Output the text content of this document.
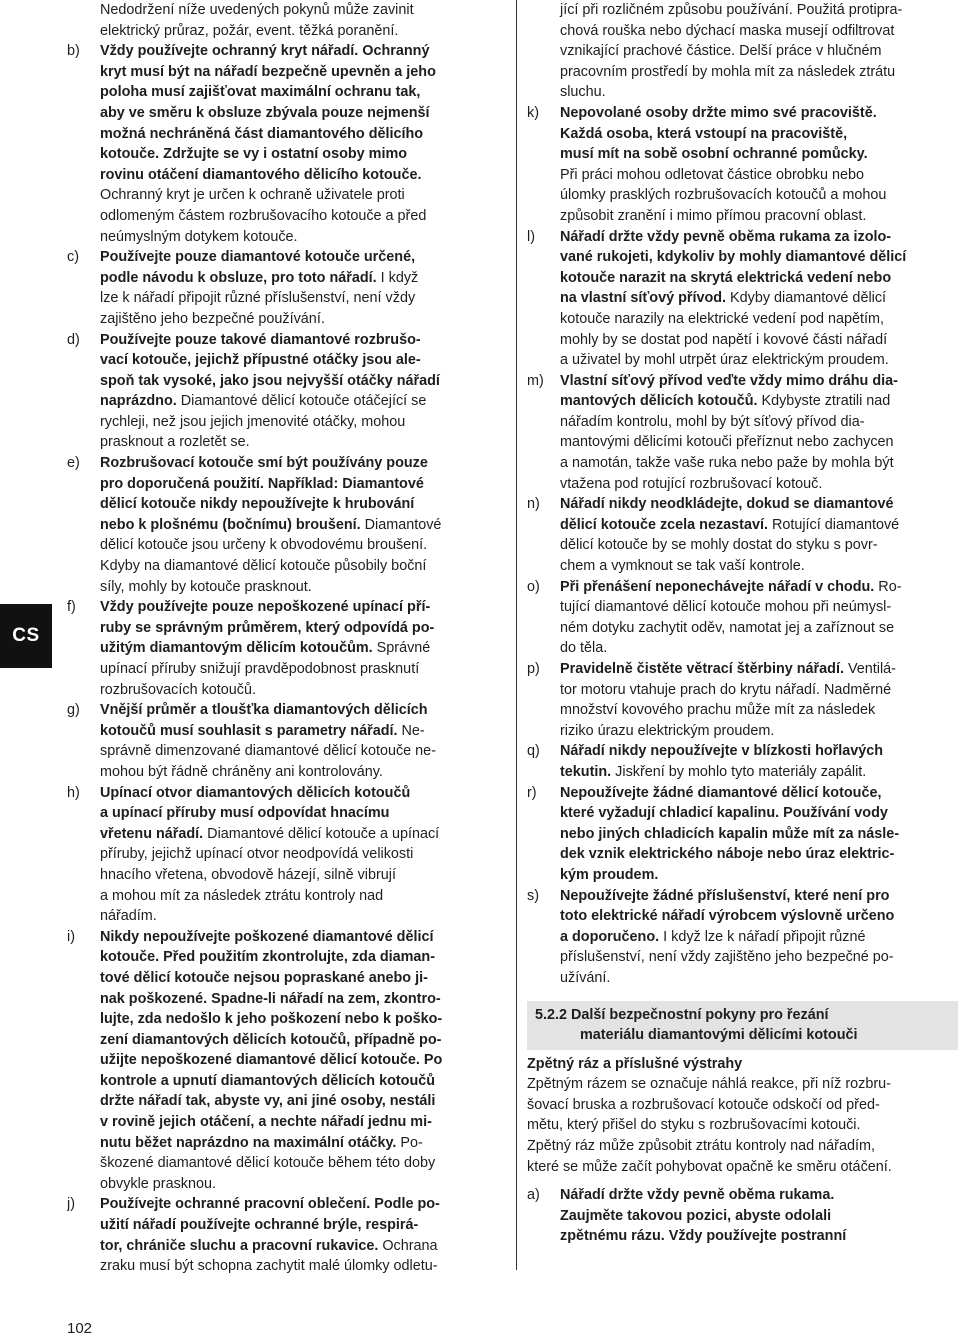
CS
Nedodržení níže uvedených pokynů může zavinit
elektrický průraz, požár, event. těžká poranění.
b) Vždy používejte ochranný kryt nářadí. Ochranný
kryt musí být na nářadí bezpečně upevněn a jeho
poloha musí zajišťovat maximální ochranu tak,
aby ve směru k obsluze zbývala pouze nejmenší
možná nechráněná část diamantového dělicího
kotouče. Zdržujte se vy i ostatní osoby mimo
rovinu otáčení diamantového dělicího kotouče.
Ochranný kryt je určen k ochraně uživatele proti
odlomeným částem rozbrušovacího kotouče a před
neúmyslným dotykem kotouče.
c) Používejte pouze diamantové kotouče určené,
podle návodu k obsluze, pro toto nářadí. I když
lze k nářadí připojit různé příslušenství, není vždy
zajištěno jeho bezpečné používání.
d) Používejte pouze takové diamantové rozbrušo-
vací kotouče, jejichž přípustné otáčky jsou ale-
spoň tak vysoké, jako jsou nejvyšší otáčky nářadí
naprázdno. Diamantové dělicí kotouče otáčející se
rychleji, než jsou jejich jmenovité otáčky, mohou
prasknout a rozletět se.
e) Rozbrušovací kotouče smí být používány pouze
pro doporučená použití. Například: Diamantové
dělicí kotouče nikdy nepoužívejte k hrubování
nebo k plošnému (bočnímu) broušení. Diamantové
dělicí kotouče jsou určeny k obvodovému broušení.
Kdyby na diamantové dělicí kotouče působily boční
síly, mohly by kotouče prasknout.
f) Vždy používejte pouze nepoškozené upínací pří-
ruby se správným průměrem, který odpovídá po-
užitým diamantovým dělicím kotoučům. Správné
upínací příruby snižují pravděpodobnost prasknutí
rozbrušovacích kotoučů.
g) Vnější průměr a tloušťka diamantových dělicích
kotoučů musí souhlasit s parametry nářadí. Ne-
správně dimenzované diamantové dělicí kotouče ne-
mohou být řádně chráněny ani kontrolovány.
h) Upínací otvor diamantových dělicích kotoučů
a upínací příruby musí odpovídat hnacímu
vřetenu nářadí. Diamantové dělicí kotouče a upínací
příruby, jejichž upínací otvor neodpovídá velikosti
hnacího vřetena, obvodově házejí, silně vibrují
a mohou mít za následek ztrátu kontroly nad
nářadím.
i) Nikdy nepoužívejte poškozené diamantové dělicí
kotouče. Před použitím zkontrolujte, zda diaman-
tové dělicí kotouče nejsou popraskané anebo ji-
nak poškozené. Spadne-li nářadí na zem, zkontro-
lujte, zda nedošlo k jeho poškození nebo k poško-
zení diamantových dělicích kotoučů, případně po-
užijte nepoškozené diamantové dělicí kotouče. Po
kontrole a upnutí diamantových dělicích kotoučů
držte nářadí tak, abyste vy, ani jiné osoby, nestáli
v rovině jejich otáčení, a nechte nářadí jednu mi-
nutu běžet naprázdno na maximální otáčky. Po-
škozené diamantové dělicí kotouče během této doby
obvykle prasknou.
j) Používejte ochranné pracovní oblečení. Podle po-
užití nářadí používejte ochranné brýle, respirá-
tor, chrániče sluchu a pracovní rukavice. Ochrana
zraku musí být schopna zachytit malé úlomky odletu-
jící při rozličném způsobu používání. Použitá protipra-
chová rouška nebo dýchací maska musejí odfiltrovat
vznikající prachové částice. Delší práce v hlučném
pracovním prostředí by mohla mít za následek ztrátu
sluchu.
k) Nepovolané osoby držte mimo své pracoviště.
Každá osoba, která vstoupí na pracoviště,
musí mít na sobě osobní ochranné pomůcky.
Při práci mohou odletovat částice obrobku nebo
úlomky prasklých rozbrušovacích kotoučů a mohou
způsobit zranění i mimo přímou pracovní oblast.
l) Nářadí držte vždy pevně oběma rukama za izolo-
vané rukojeti, kdykoliv by mohly diamantové dělicí
kotouče narazit na skrytá elektrická vedení nebo
na vlastní síťový přívod. Kdyby diamantové dělicí
kotouče narazily na elektrické vedení pod napětím,
mohly by se dostat pod napětí i kovové části nářadí
a uživatel by mohl utrpět úraz elektrickým proudem.
m) Vlastní síťový přívod veďte vždy mimo dráhu dia-
mantových dělicích kotoučů. Kdybyste ztratili nad
nářadím kontrolu, mohl by být síťový přívod dia-
mantovými dělicími kotouči přeříznut nebo zachycen
a namotán, takže vaše ruka nebo paže by mohla být
vtažena pod rotující rozbrušovací kotouč.
n) Nářadí nikdy neodkládejte, dokud se diamantové
dělicí kotouče zcela nezastaví. Rotující diamantové
dělicí kotouče by se mohly dostat do styku s povr-
chem a vymknout se tak vaší kontrole.
o) Při přenášení neponechávejte nářadí v chodu. Ro-
tující diamantové dělicí kotouče mohou při neúmysl-
ném dotyku zachytit oděv, namotat jej a zaříznout se
do těla.
p) Pravidelně čistěte větrací štěrbiny nářadí. Ventilá-
tor motoru vtahuje prach do krytu nářadí. Nadměrné
množství kovového prachu může mít za následek
riziko úrazu elektrickým proudem.
q) Nářadí nikdy nepoužívejte v blízkosti hořlavých
tekutin. Jiskření by mohlo tyto materiály zapálit.
r) Nepoužívejte žádné diamantové dělicí kotouče,
které vyžadují chladicí kapalinu. Používání vody
nebo jiných chladicích kapalin může mít za násle-
dek vznik elektrického náboje nebo úraz elektric-
kým proudem.
s) Nepoužívejte žádné příslušenství, které není pro
toto elektrické nářadí výrobcem výslovně určeno
a doporučeno. I když lze k nářadí připojit různé
příslušenství, není vždy zajištěno jeho bezpečné po-
užívání.
5.2.2 Další bezpečnostní pokyny pro řezání
materiálu diamantovými dělicími kotouči
Zpětný ráz a příslušné výstrahy
Zpětným rázem se označuje náhlá reakce, při níž rozbru-
šovací bruska a rozbrušovací kotouče odskočí od před-
mětu, který přišel do styku s rozbrušovacími kotouči.
Zpětný ráz může způsobit ztrátu kontroly nad nářadím,
které se může začít pohybovat opačně ke směru otáčení.
a) Nářadí držte vždy pevně oběma rukama.
Zaujměte takovou pozici, abyste odolali
zpětnému rázu. Vždy používejte postranní
102
